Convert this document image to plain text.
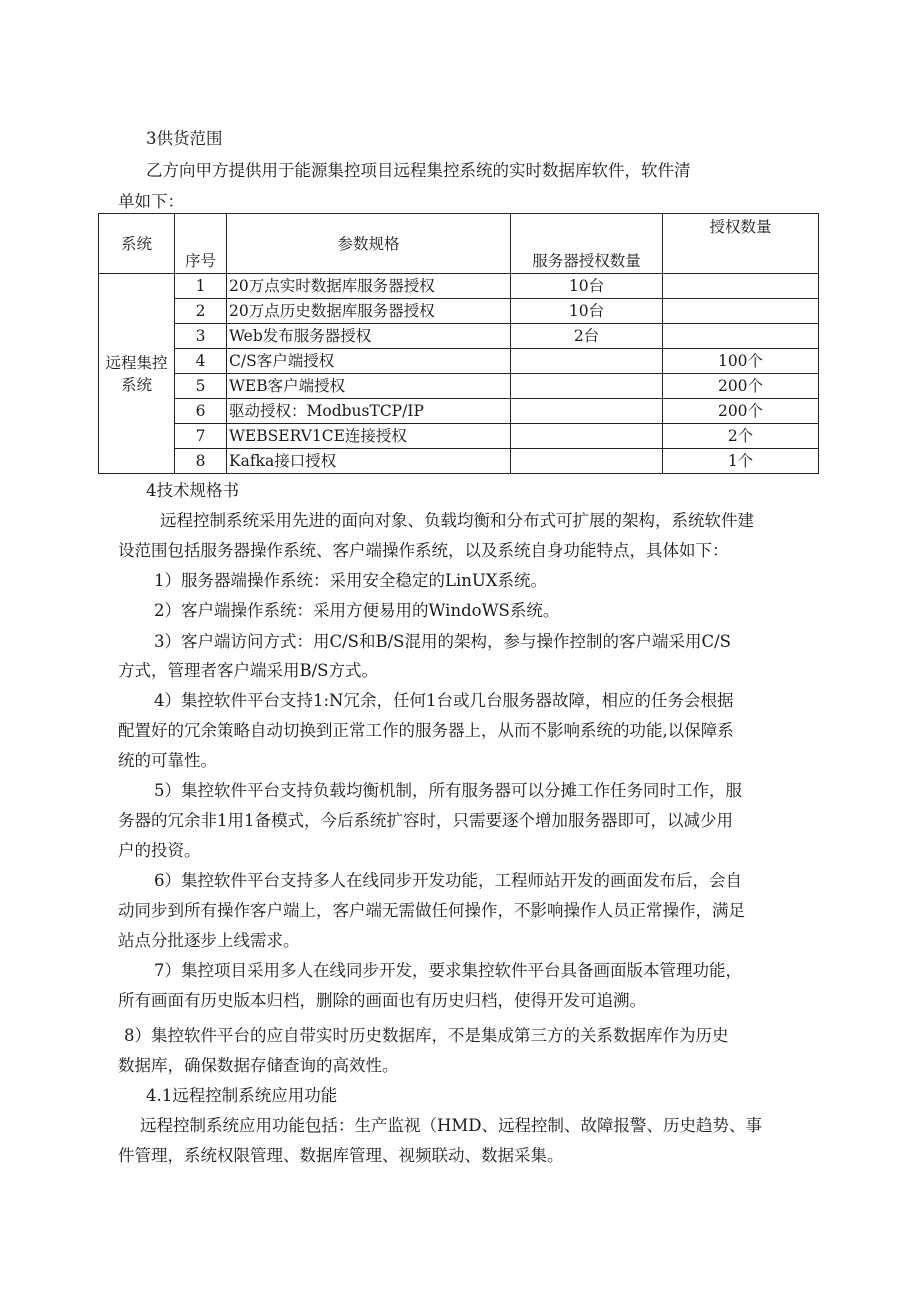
3供货范围
乙方向甲方提供用于能源集控项目远程集控系统的实时数据库软件，软件清
单如下：
系统	序号	参数规格	服务器授权数量	授权数量

远程集控
系统	1	20万点实时数据库服务器授权	10台	
	2	20万点历史数据库服务器授权	10台	
	3	Web发布服务器授权	2台	
	4	C/S客户端授权		100个
	5	WEB客户端授权		200个
	6	驱动授权：ModbusTCP/IP		200个
	7	WEBSERV1CE连接授权		2个
	8	Kafka接口授权		1个
4技术规格书
远程控制系统采用先进的面向对象、负载均衡和分布式可扩展的架构，系统软件建
设范围包括服务器操作系统、客户端操作系统，以及系统自身功能特点，具体如下：
1）服务器端操作系统：采用安全稳定的LinUX系统。
2）客户端操作系统：采用方便易用的WindoWS系统。
3）客户端访问方式：用C/S和B/S混用的架构，参与操作控制的客户端采用C/S
方式，管理者客户端采用B/S方式。
4）集控软件平台支持1:N冗余，任何1台或几台服务器故障，相应的任务会根据
配置好的冗余策略自动切换到正常工作的服务器上，从而不影响系统的功能,以保障系
统的可靠性。
5）集控软件平台支持负载均衡机制，所有服务器可以分摊工作任务同时工作，服
务器的冗余非1用1备模式，今后系统扩容时，只需要逐个增加服务器即可，以减少用
户的投资。
6）集控软件平台支持多人在线同步开发功能，工程师站开发的画面发布后，会自
动同步到所有操作客户端上，客户端无需做任何操作，不影响操作人员正常操作，满足
站点分批逐步上线需求。
7）集控项目采用多人在线同步开发，要求集控软件平台具备画面版本管理功能，
所有画面有历史版本归档，删除的画面也有历史归档，使得开发可追溯。
8）集控软件平台的应自带实时历史数据库，不是集成第三方的关系数据库作为历史
数据库，确保数据存储查询的高效性。
4.1远程控制系统应用功能
远程控制系统应用功能包括：生产监视（HMD、远程控制、故障报警、历史趋势、事
件管理，系统权限管理、数据库管理、视频联动、数据采集。
